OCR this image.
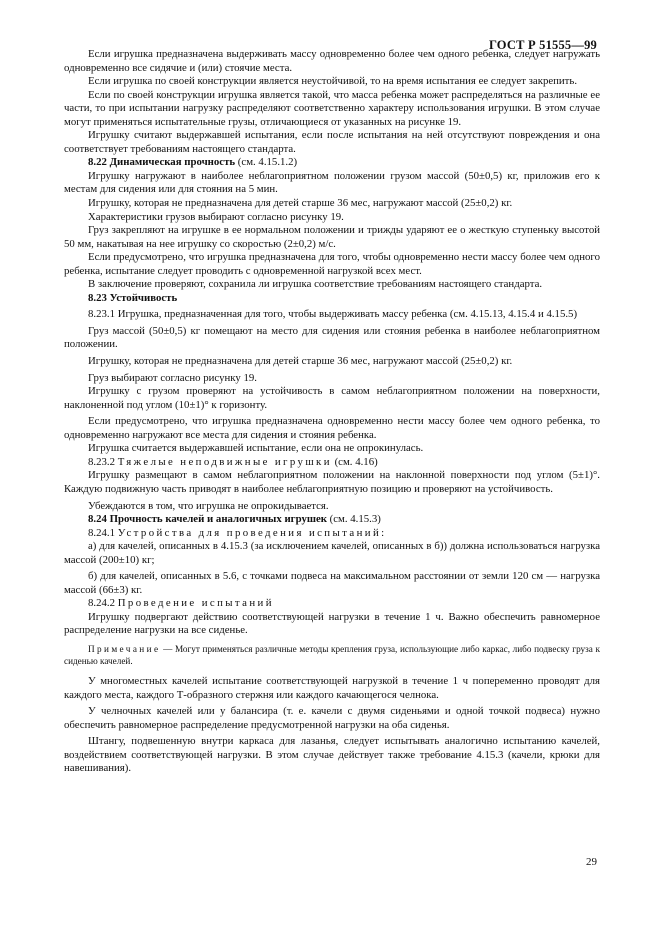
ГОСТ Р 51555—99

Если игрушка предназначена выдерживать массу одновременно более чем одного ребенка, следует нагружать одновременно все сидячие и (или) стоячие места.

Если игрушка по своей конструкции является неустойчивой, то на время испытания ее следует закрепить.

Если по своей конструкции игрушка является такой, что масса ребенка может распределяться на различные ее части, то при испытании нагрузку распределяют соответственно характеру использования игрушки. В этом случае могут применяться испытательные грузы, отличающиеся от указанных на рисунке 19.

Игрушку считают выдержавшей испытания, если после испытания на ней отсутствуют повреждения и она соответствует требованиям настоящего стандарта.

8.22 Динамическая прочность (см. 4.15.1.2)

Игрушку нагружают в наиболее неблагоприятном положении грузом массой (50±0,5) кг, приложив его к местам для сидения или для стояния на 5 мин.

Игрушку, которая не предназначена для детей старше 36 мес, нагружают массой (25±0,2) кг.

Характеристики грузов выбирают согласно рисунку 19.

Груз закрепляют на игрушке в ее нормальном положении и трижды ударяют ее о жесткую ступеньку высотой 50 мм, накатывая на нее игрушку со скоростью (2±0,2) м/с.

Если предусмотрено, что игрушка предназначена для того, чтобы одновременно нести массу более чем одного ребенка, испытание следует проводить с одновременной нагрузкой всех мест.

В заключение проверяют, сохранила ли игрушка соответствие требованиям настоящего стандарта.

8.23 Устойчивость

8.23.1 Игрушка, предназначенная для того, чтобы выдерживать массу ребенка (см. 4.15.13, 4.15.4 и 4.15.5)

Груз массой (50±0,5) кг помещают на место для сидения или стояния ребенка в наиболее неблагоприятном положении.

Игрушку, которая не предназначена для детей старше 36 мес, нагружают массой (25±0,2) кг.

Груз выбирают согласно рисунку 19.

Игрушку с грузом проверяют на устойчивость в самом неблагоприятном положении на поверхности, наклоненной под углом (10±1)° к горизонту.

Если предусмотрено, что игрушка предназначена одновременно нести массу более чем одного ребенка, то одновременно нагружают все места для сидения и стояния ребенка.

Игрушка считается выдержавшей испытание, если она не опрокинулась.

8.23.2 Тяжелые неподвижные игрушки (см. 4.16)

Игрушку размещают в самом неблагоприятном положении на наклонной поверхности под углом (5±1)°. Каждую подвижную часть приводят в наиболее неблагоприятную позицию и проверяют на устойчивость.

Убеждаются в том, что игрушка не опрокидывается.

8.24 Прочность качелей и аналогичных игрушек (см. 4.15.3)

8.24.1 Устройства для проведения испытаний:

а) для качелей, описанных в 4.15.3 (за исключением качелей, описанных в б)) должна использоваться нагрузка массой (200±10) кг;

б) для качелей, описанных в 5.6, с точками подвеса на максимальном расстоянии от земли 120 см — нагрузка массой (66±3) кг.

8.24.2 Проведение испытаний

Игрушку подвергают действию соответствующей нагрузки в течение 1 ч. Важно обеспечить равномерное распределение нагрузки на все сиденье.

Примечание — Могут применяться различные методы крепления груза, использующие либо каркас, либо подвеску груза к сиденью качелей.

У многоместных качелей испытание соответствующей нагрузкой в течение 1 ч попеременно проводят для каждого места, каждого Т-образного стержня или каждого качающегося челнока.

У челночных качелей или у балансира (т. е. качели с двумя сиденьями и одной точкой подвеса) нужно обеспечить равномерное распределение предусмотренной нагрузки на оба сиденья.

Штангу, подвешенную внутри каркаса для лазанья, следует испытывать аналогично испытанию качелей, воздействием соответствующей нагрузки. В этом случае действует также требование 4.15.3 (качели, крюки для навешивания).

29
